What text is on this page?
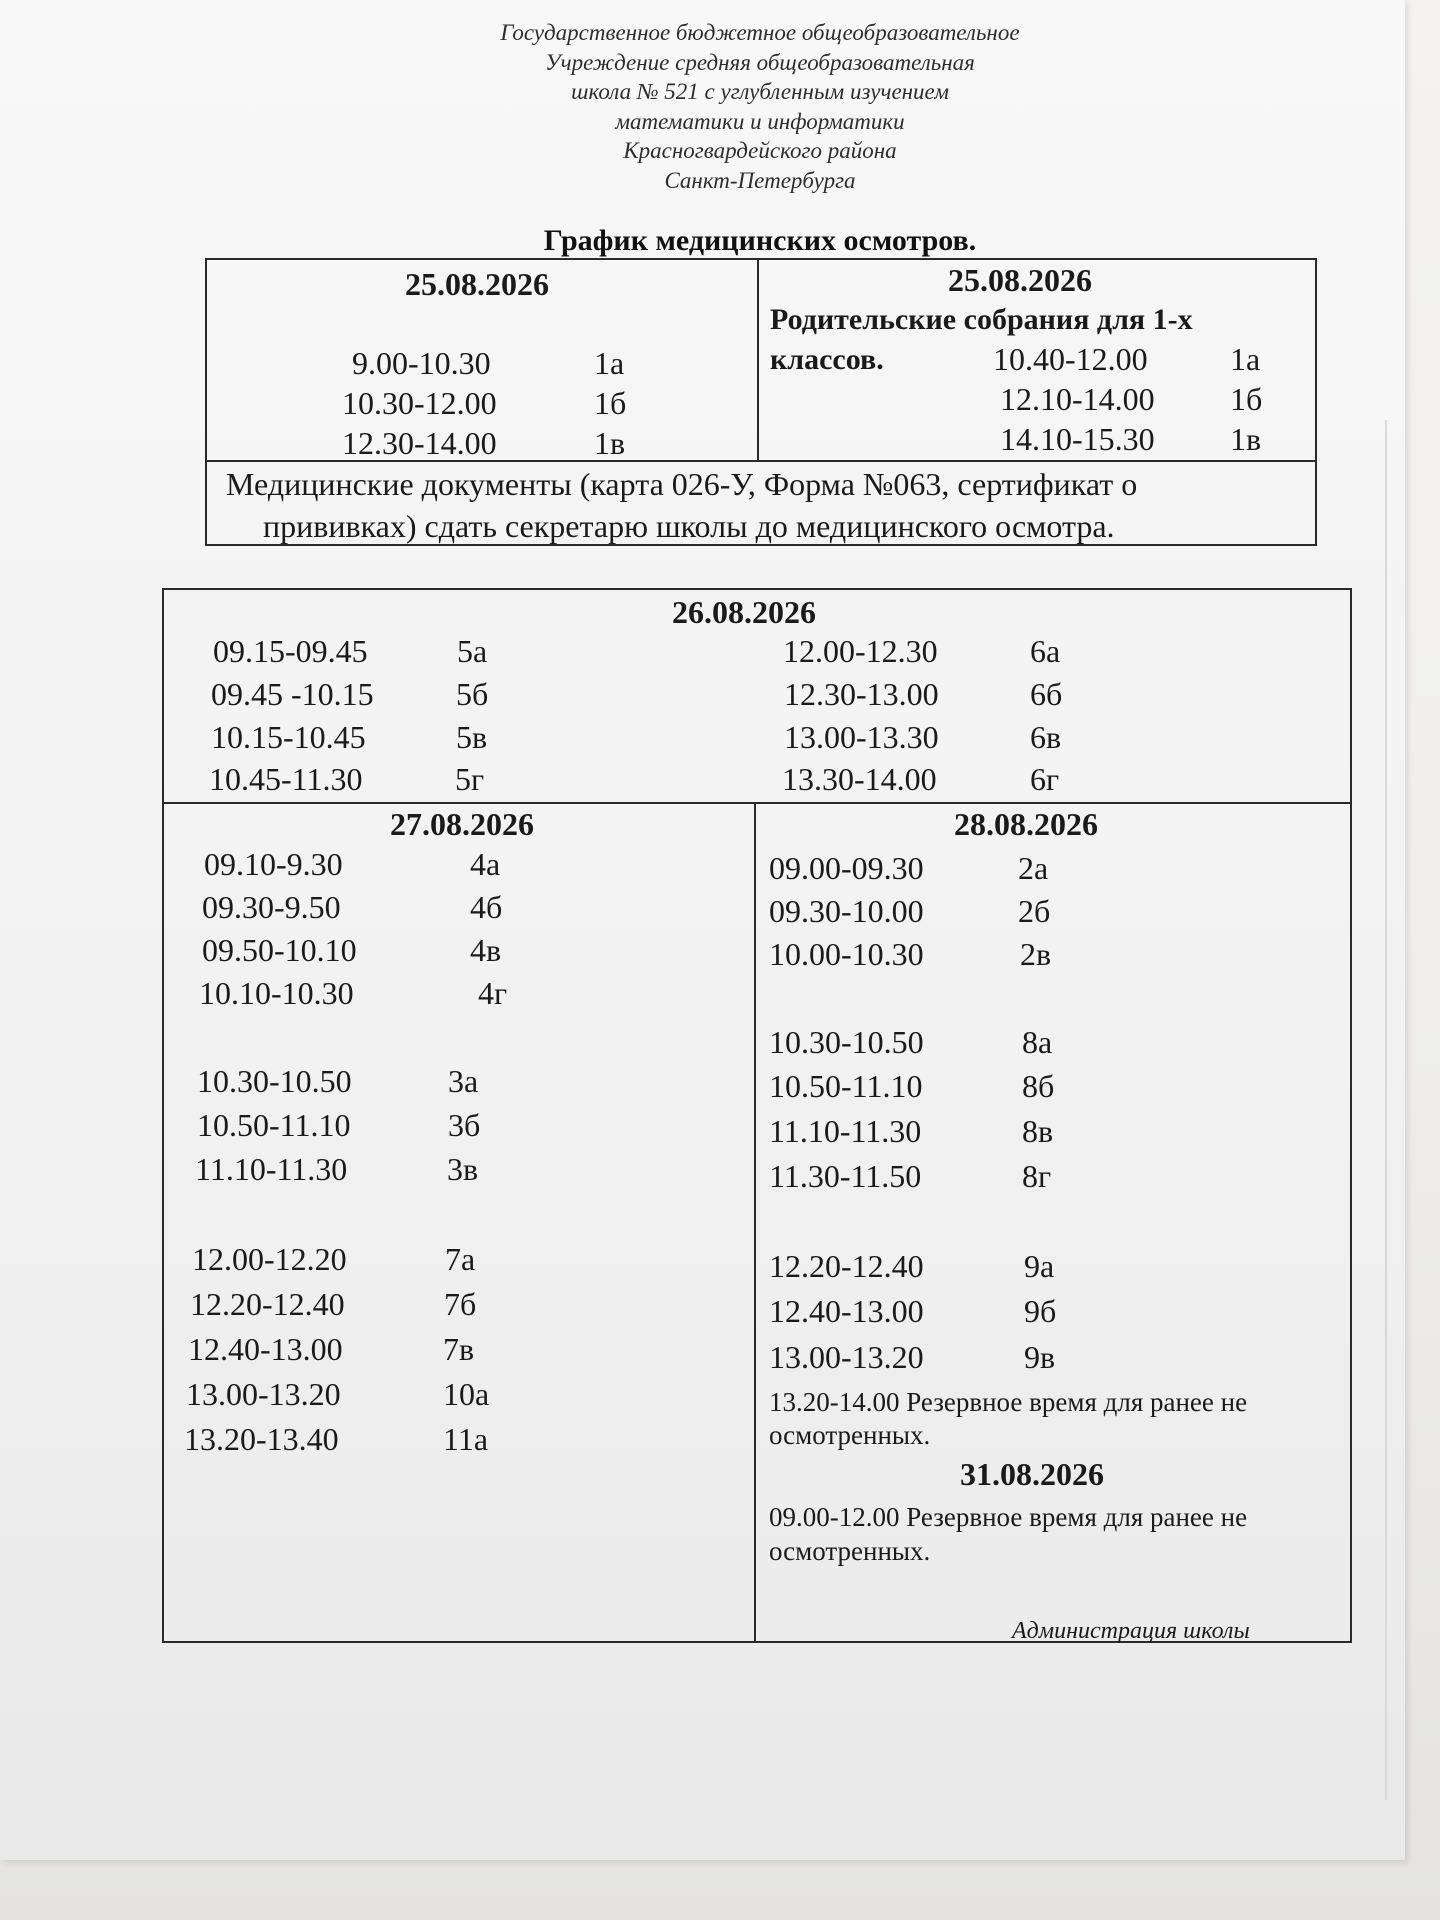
Государственное бюджетное общеобразовательное
Учреждение средняя общеобразовательная
школа № 521 с углубленным изучением
математики и информатики
Красногвардейского района
Санкт-Петербурга
График медицинских осмотров.
25.08.2026
9.00-10.30	1а
10.30-12.00	1б
12.30-14.00	1в
25.08.2026
Родительские собрания для 1-х
классов.	10.40-12.00	1а
12.10-14.00 1б
14.10-15.30 1в
Медицинские документы (карта 026-У, Форма №063, сертификат о
прививках) сдать секретарю школы до медицинского осмотра.
26.08.2026
09.15-09.45	5а
09.45 -10.15	5б
10.15-10.45	5в
10.45-11.30	5г
12.00-12.30	6а
12.30-13.00	6б
13.00-13.30	6в
13.30-14.00	6г
27.08.2026
09.10-9.30	4а
09.30-9.50	4б
09.50-10.10	4в
10.10-10.30	4г
10.30-10.50	3а
10.50-11.10	3б
11.10-11.30	3в
12.00-12.20	7а
12.20-12.40	7б
12.40-13.00	7в
13.00-13.20	10а
13.20-13.40	11а
28.08.2026
09.00-09.30	2а
09.30-10.00	2б
10.00-10.30	2в
10.30-10.50	8а
10.50-11.10	8б
11.10-11.30	8в
11.30-11.50	8г
12.20-12.40	9а
12.40-13.00	9б
13.00-13.20	9в
13.20-14.00 Резервное время для ранее не
осмотренных.
31.08.2026
09.00-12.00 Резервное время для ранее не
осмотренных.
Администрация школы
